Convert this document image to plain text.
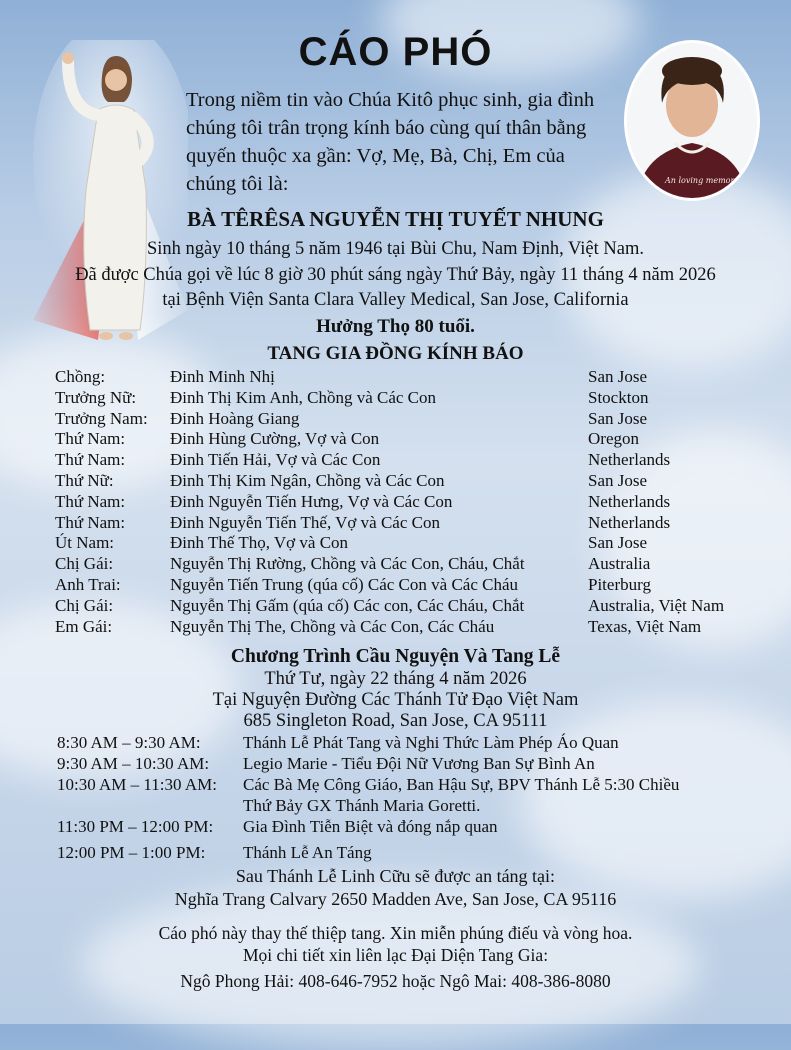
An loving memory of
CÁO PHÓ
Trong niềm tin vào Chúa Kitô phục sinh, gia đình chúng tôi trân trọng kính báo cùng quí thân bằng quyến thuộc xa gần: Vợ, Mẹ, Bà, Chị, Em của chúng tôi là:
BÀ TÊRÊSA NGUYỄN THỊ TUYẾT NHUNG
Sinh ngày 10 tháng 5 năm 1946 tại Bùi Chu, Nam Định, Việt Nam.
Đã được Chúa gọi về lúc 8 giờ 30 phút sáng ngày Thứ Bảy, ngày 11 tháng 4 năm 2026
tại Bệnh Viện Santa Clara Valley Medical, San Jose, California
Hưởng Thọ 80 tuổi.
TANG GIA ĐỒNG KÍNH BÁO
Chồng:	Đinh Minh Nhị	San Jose
Trưởng Nữ: Đinh Thị Kim Anh, Chồng và Các Con	Stockton
Trưởng Nam: Đinh Hoàng Giang	San Jose
Thứ Nam:	Đinh Hùng Cường, Vợ và Con	Oregon
Thứ Nam:	Đinh Tiến Hải, Vợ và Các Con	Netherlands
Thứ Nữ:	Đinh Thị Kim Ngân, Chồng và Các Con	San Jose
Thứ Nam:	Đinh Nguyễn Tiến Hưng, Vợ và Các Con	Netherlands
Thứ Nam:	Đinh Nguyễn Tiến Thế, Vợ và Các Con	Netherlands
Út Nam:	Đinh Thế Thọ, Vợ và Con	San Jose
Chị Gái:	Nguyễn Thị Rường, Chồng và Các Con, Cháu, Chắt	Australia
Anh Trai:	Nguyễn Tiến Trung (qúa cố) Các Con và Các Cháu	Piterburg
Chị Gái:	Nguyễn Thị Gấm (qúa cố) Các con, Các Cháu, Chắt	Australia, Việt Nam
Em Gái:	Nguyễn Thị The, Chồng và Các Con, Các Cháu	Texas, Việt Nam
Chương Trình Cầu Nguyện Và Tang Lễ
Thứ Tư, ngày 22 tháng 4 năm 2026
Tại Nguyện Đường Các Thánh Tử Đạo Việt Nam
685 Singleton Road, San Jose, CA 95111
8:30 AM – 9:30 AM: Thánh Lễ Phát Tang và Nghi Thức Làm Phép Áo Quan
9:30 AM – 10:30 AM: Legio Marie - Tiểu Đội Nữ Vương Ban Sự Bình An
10:30 AM – 11:30 AM: Các Bà Mẹ Công Giáo, Ban Hậu Sự, BPV Thánh Lễ 5:30 Chiều
Thứ Bảy GX Thánh Maria Goretti.
11:30 PM – 12:00 PM: Gia Đình Tiễn Biệt và đóng nắp quan
12:00 PM – 1:00 PM: Thánh Lễ An Táng
Sau Thánh Lễ Linh Cữu sẽ được an táng tại:
Nghĩa Trang Calvary 2650 Madden Ave, San Jose, CA 95116
Cáo phó này thay thế thiệp tang. Xin miễn phúng điếu và vòng hoa.
Mọi chi tiết xin liên lạc Đại Diện Tang Gia:
Ngô Phong Hải: 408-646-7952 hoặc Ngô Mai: 408-386-8080
